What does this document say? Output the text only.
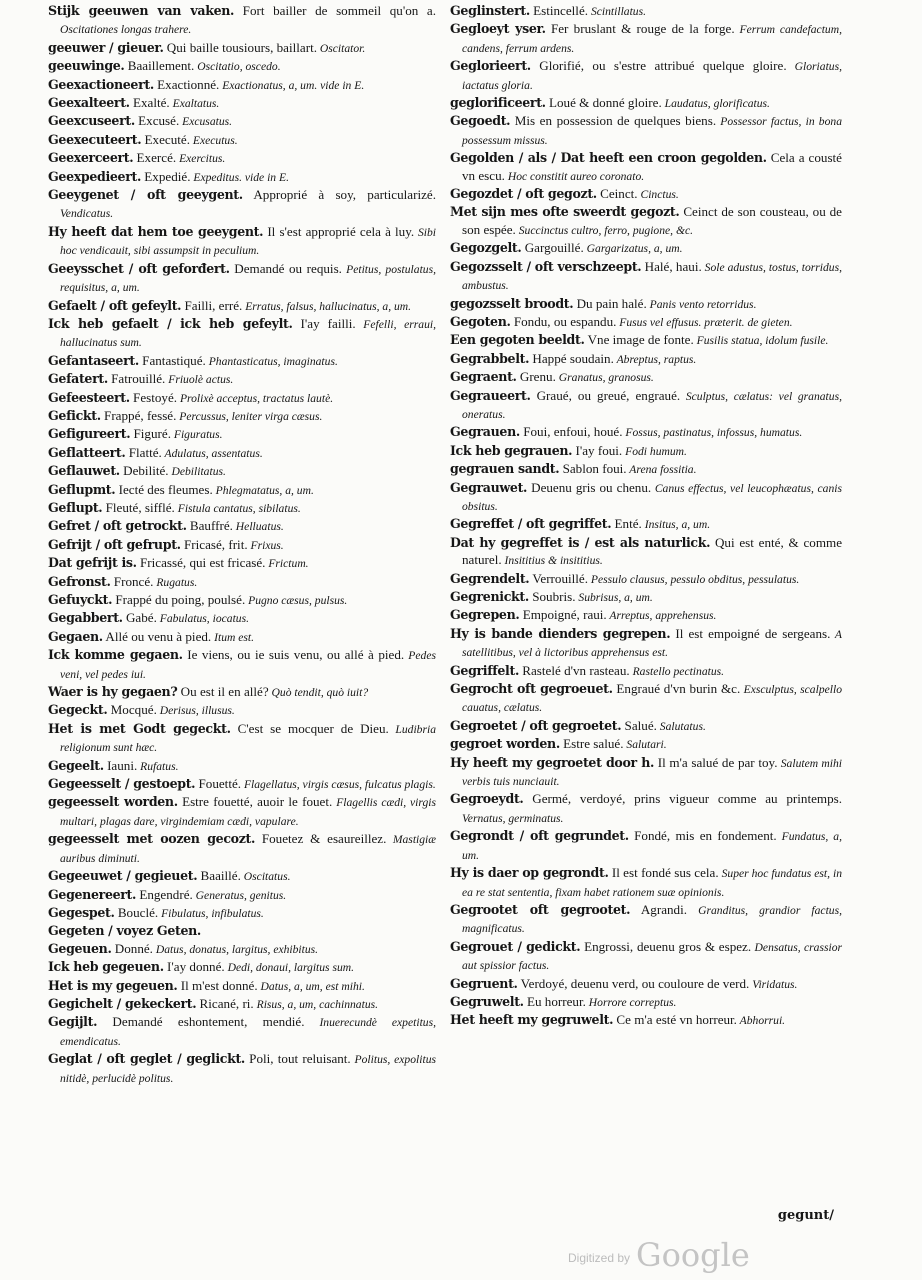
Stijk geeuwen van vaken. Fort bailler de sommeil qu'on a. Oscitationes longas trahere.

geeuwer / gieuer. Qui baille tousiours, baillart. Oscitator.

geeuwinge. Baaillement. Oscitatio, oscedo.

Geexactioneert. Exactionné. Exactionatus, a, um. vide in E.

Geexalteert. Exalté. Exaltatus.

Geexcuseert. Excusé. Excusatus.

Geexecuteert. Executé. Executus.

Geexerceert. Exercé. Exercitus.

Geexpedieert. Expedié. Expeditus. vide in E.

Geeygenet / oft geeygent. Approprié à soy, particularizé. Vendicatus.

Hy heeft dat hem toe geeygent. Il s'est approprié cela à luy. Sibi hoc vendicauit, sibi assumpsit in peculium.

Geeysschet / oft geforđert. Demandé ou requis. Petitus, postulatus, requisitus, a, um.

Gefaelt / oft gefeylt. Failli, erré. Erratus, falsus, hallucinatus, a, um.

Ick heb gefaelt / ick heb gefeylt. I'ay failli. Fefelli, erraui, hallucinatus sum.

Gefantaseert. Fantastiqué. Phantasticatus, imaginatus.

Gefatert. Fatrouillé. Friuolè actus.

Gefeesteert. Festoyé. Prolixè acceptus, tractatus lautè.

Gefickt. Frappé, fessé. Percussus, leniter virga cæsus.

Gefigureert. Figuré. Figuratus.

Geflatteert. Flatté. Adulatus, assentatus.

Geflauwet. Debilité. Debilitatus.

Geflupmt. Iecté des fleumes. Phlegmatatus, a, um.

Geflupt. Fleuté, sifflé. Fistula cantatus, sibilatus.

Gefret / oft getrockt. Bauffré. Helluatus.

Gefrijt / oft gefrupt. Fricasé, frit. Frixus.

Dat gefrijt is. Fricassé, qui est fricasé. Frictum.

Gefronst. Froncé. Rugatus.

Gefuyckt. Frappé du poing, poulsé. Pugno cæsus, pulsus.

Gegabbert. Gabé. Fabulatus, iocatus.

Gegaen. Allé ou venu à pied. Itum est.

Ick komme gegaen. Ie viens, ou ie suis venu, ou allé à pied. Pedes veni, vel pedes iui.

Waer is hy gegaen? Ou est il en allé? Quò tendit, quò iuit?

Gegeckt. Mocqué. Derisus, illusus.

Het is met Godt gegeckt. C'est se mocquer de Dieu. Ludibria religionum sunt hæc.

Gegeelt. Iauni. Rufatus.

Gegeesselt / gestoept. Fouetté. Flagellatus, virgis cæsus, fulcatus plagis.

gegeesselt worden. Estre fouetté, auoir le fouet. Flagellis cædi, virgis multari, plagas dare, virgindemiam cædi, vapulare.

gegeesselt met oozen gecozt. Fouetez & esaureillez. Mastigiæ auribus diminuti.

Gegeeuwet / gegieuet. Baaillé. Oscitatus.

Gegenereert. Engendré. Generatus, genitus.

Gegespet. Bouclé. Fibulatus, infibulatus.

Gegeten / voyez Geten.

Gegeuen. Donné. Datus, donatus, largitus, exhibitus.

Ick heb gegeuen. I'ay donné. Dedi, donaui, largitus sum.

Het is my gegeuen. Il m'est donné. Datus, a, um, est mihi.

Gegichelt / gekeckert. Ricané, ri. Risus, a, um, cachinnatus.

Gegijlt. Demandé eshontement, mendié. Inuerecundè expetitus, emendicatus.

Geglat / oft geglet / geglickt. Poli, tout reluisant. Politus, expolitus nitidè, perlucidè politus.

Geglinstert. Estincellé. Scintillatus.

Gegloeyt yser. Fer bruslant & rouge de la forge. Ferrum candefactum, candens, ferrum ardens.

Geglorieert. Glorifié, ou s'estre attribué quelque gloire. Gloriatus, iactatus gloria.

geglorificeert. Loué & donné gloire. Laudatus, glorificatus.

Gegoedt. Mis en possession de quelques biens. Possessor factus, in bona possessum missus.

Gegolden / als / Dat heeft een croon gegolden. Cela a cousté vn escu. Hoc constitit aureo coronato.

Gegozdet / oft gegozt. Ceinct. Cinctus.

Met sijn mes ofte sweerdt gegozt. Ceinct de son cousteau, ou de son espée. Succinctus cultro, ferro, pugione, &c.

Gegozgelt. Gargouillé. Gargarizatus, a, um.

Gegozsselt / oft verschzeept. Halé, haui. Sole adustus, tostus, torridus, ambustus.

gegozsselt broodt. Du pain halé. Panis vento retorridus.

Gegoten. Fondu, ou espandu. Fusus vel effusus. præterit. de gieten.

Een gegoten beeldt. Vne image de fonte. Fusilis statua, idolum fusile.

Gegrabbelt. Happé soudain. Abreptus, raptus.

Gegraent. Grenu. Granatus, granosus.

Gegraueert. Graué, ou greué, engraué. Sculptus, cælatus: vel granatus, oneratus.

Gegrauen. Foui, enfoui, houé. Fossus, pastinatus, infossus, humatus.

Ick heb gegrauen. I'ay foui. Fodi humum.

gegrauen sandt. Sablon foui. Arena fossitia.

Gegrauwet. Deuenu gris ou chenu. Canus effectus, vel leucophæatus, canis obsitus.

Gegreffet / oft gegriffet. Enté. Insitus, a, um.

Dat hy gegreffet is / est als naturlick. Qui est enté, & comme naturel. Insititius & insititius.

Gegrendelt. Verrouillé. Pessulo clausus, pessulo obditus, pessulatus.

Gegrenickt. Soubris. Subrisus, a, um.

Gegrepen. Empoigné, raui. Arreptus, apprehensus.

Hy is bande dienders gegrepen. Il est empoigné de sergeans. A satellitibus, vel à lictoribus apprehensus est.

Gegriffelt. Rastelé d'vn rasteau. Rastello pectinatus.

Gegrocht oft gegroeuet. Engraué d'vn burin &c. Exsculptus, scalpello cauatus, cælatus.

Gegroetet / oft gegroetet. Salué. Salutatus.

gegroet worden. Estre salué. Salutari.

Hy heeft my gegroetet door h. Il m'a salué de par toy. Salutem mihi verbis tuis nunciauit.

Gegroeydt. Germé, verdoyé, prins vigueur comme au printemps. Vernatus, germinatus.

Gegrondt / oft gegrundet. Fondé, mis en fondement. Fundatus, a, um.

Hy is daer op gegrondt. Il est fondé sus cela. Super hoc fundatus est, in ea re stat sententia, fixam habet rationem suæ opinionis.

Gegrootet oft gegrootet. Agrandi. Granditus, grandior factus, magnificatus.

Gegrouet / gedickt. Engrossi, deuenu gros & espez. Densatus, crassior aut spissior factus.

Gegruent. Verdoyé, deuenu verd, ou couloure de verd. Viridatus.

Gegruwelt. Eu horreur. Horrore correptus.

Het heeft my gegruwelt. Ce m'a esté vn horreur. Abhorrui.

gegunt/
Digitized by Google
